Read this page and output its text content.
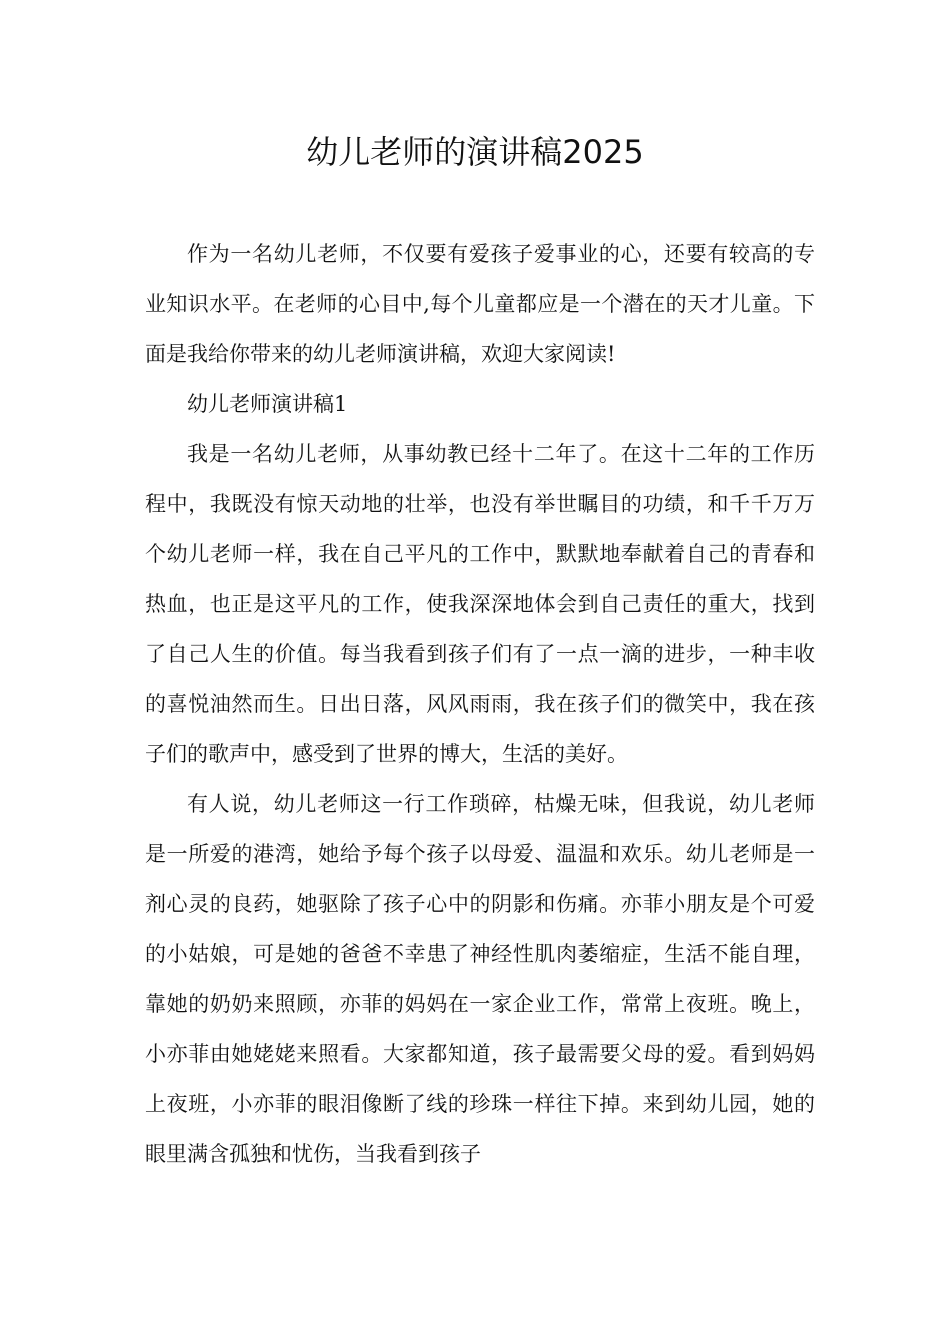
幼儿老师的演讲稿2025

作为一名幼儿老师，不仅要有爱孩子爱事业的心，还要有较高的专业知识水平。在老师的心目中,每个儿童都应是一个潜在的天才儿童。下面是我给你带来的幼儿老师演讲稿，欢迎大家阅读!

幼儿老师演讲稿1

我是一名幼儿老师，从事幼教已经十二年了。在这十二年的工作历程中，我既没有惊天动地的壮举，也没有举世瞩目的功绩，和千千万万个幼儿老师一样，我在自己平凡的工作中，默默地奉献着自己的青春和热血，也正是这平凡的工作，使我深深地体会到自己责任的重大，找到了自己人生的价值。每当我看到孩子们有了一点一滴的进步，一种丰收的喜悦油然而生。日出日落，风风雨雨，我在孩子们的微笑中，我在孩子们的歌声中，感受到了世界的博大，生活的美好。

有人说，幼儿老师这一行工作琐碎，枯燥无味，但我说，幼儿老师是一所爱的港湾，她给予每个孩子以母爱、温温和欢乐。幼儿老师是一剂心灵的良药，她驱除了孩子心中的阴影和伤痛。亦菲小朋友是个可爱的小姑娘，可是她的爸爸不幸患了神经性肌肉萎缩症，生活不能自理，靠她的奶奶来照顾，亦菲的妈妈在一家企业工作，常常上夜班。晚上，小亦菲由她姥姥来照看。大家都知道，孩子最需要父母的爱。看到妈妈上夜班，小亦菲的眼泪像断了线的珍珠一样往下掉。来到幼儿园，她的眼里满含孤独和忧伤，当我看到孩子
